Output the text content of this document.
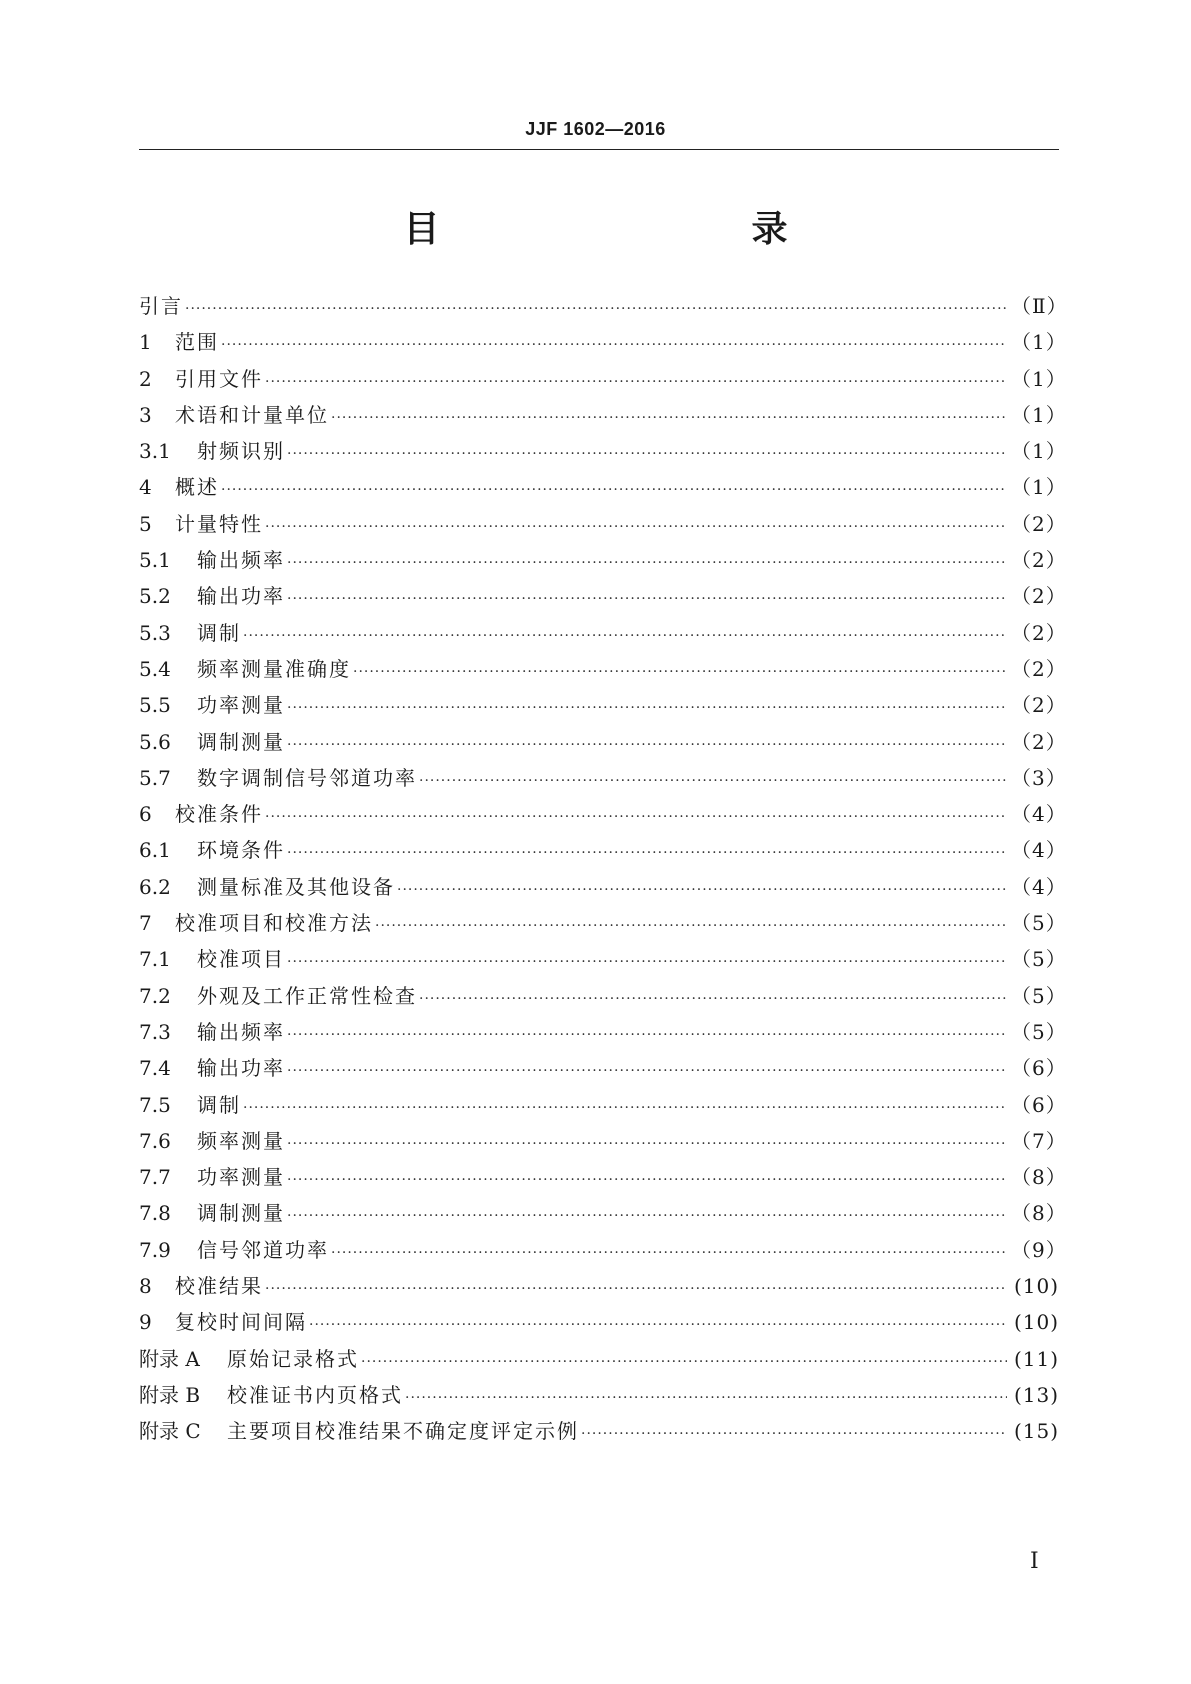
JJF 1602—2016
目　　录
引言 ·····	（Ⅱ）
1	范围 ·····	（1）
2	引用文件 ·····	（1）
3	术语和计量单位 ·····	（1）
3.1	射频识别 ·····	（1）
4	概述 ·····	（1）
5	计量特性 ·····	（2）
5.1	输出频率 ·····	（2）
5.2	输出功率 ·····	（2）
5.3	调制 ·····	（2）
5.4	频率测量准确度 ·····	（2）
5.5	功率测量 ·····	（2）
5.6	调制测量 ·····	（2）
5.7	数字调制信号邻道功率 ·····	（3）
6	校准条件 ·····	（4）
6.1	环境条件 ·····	（4）
6.2	测量标准及其他设备 ·····	（4）
7	校准项目和校准方法 ·····	（5）
7.1	校准项目 ·····	（5）
7.2	外观及工作正常性检查 ·····	（5）
7.3	输出频率 ·····	（5）
7.4	输出功率 ·····	（6）
7.5	调制 ·····	（6）
7.6	频率测量 ·····	（7）
7.7	功率测量 ·····	（8）
7.8	调制测量 ·····	（8）
7.9	信号邻道功率 ·····	（9）
8	校准结果 ·····	(10)
9	复校时间间隔 ·····	(10)
附录 A	原始记录格式 ·····	(11)
附录 B	校准证书内页格式 ·····	(13)
附录 C	主要项目校准结果不确定度评定示例 ·····	(15)
Ⅰ
